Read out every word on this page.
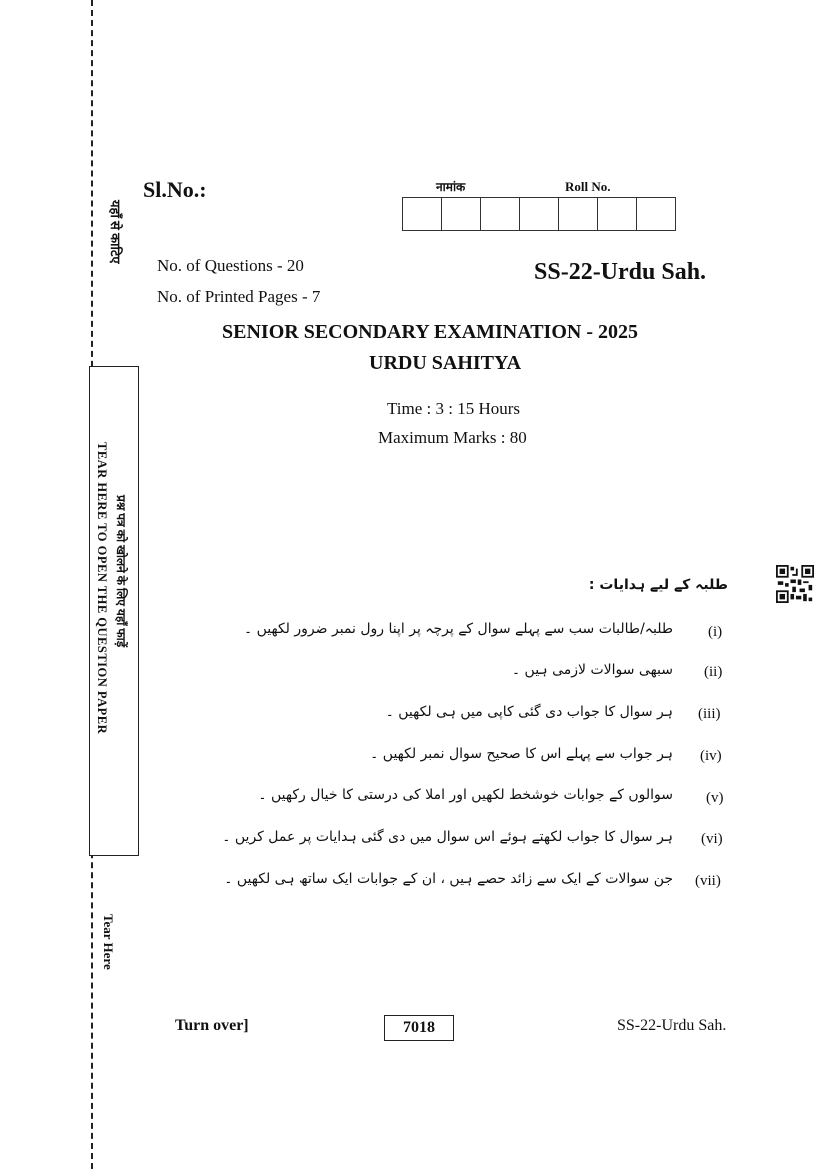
यहाँ से काटिए
प्रश्न पत्र को खोलने के लिए यहाँ फाड़ें
TEAR HERE TO OPEN THE QUESTION PAPER
Tear Here
Sl.No.:	नामांक	Roll No.
No. of Questions - 20
No. of Printed Pages - 7
SS-22-Urdu Sah.
SENIOR SECONDARY EXAMINATION - 2025
URDU SAHITYA
Time : 3 : 15 Hours
Maximum Marks : 80
طلبہ کے لیے ہدایات :
طلبہ/طالبات سب سے پہلے سوال کے پرچہ پر اپنا رول نمبر ضرور لکھیں ۔ (i)
سبھی سوالات لازمی ہیں ۔ (ii)
ہر سوال کا جواب دی گئی کاپی میں ہی لکھیں ۔ (iii)
ہر جواب سے پہلے اس کا صحیح سوال نمبر لکھیں ۔ (iv)
سوالوں کے جوابات خوشخط لکھیں اور املا کی درستی کا خیال رکھیں ۔ (v)
ہر سوال کا جواب لکھتے ہوئے اس سوال میں دی گئی ہدایات پر عمل کریں ۔ (vi)
جن سوالات کے ایک سے زائد حصے ہیں ، ان کے جوابات ایک ساتھ ہی لکھیں ۔ (vii)
Turn over]	7018	SS-22-Urdu Sah.
